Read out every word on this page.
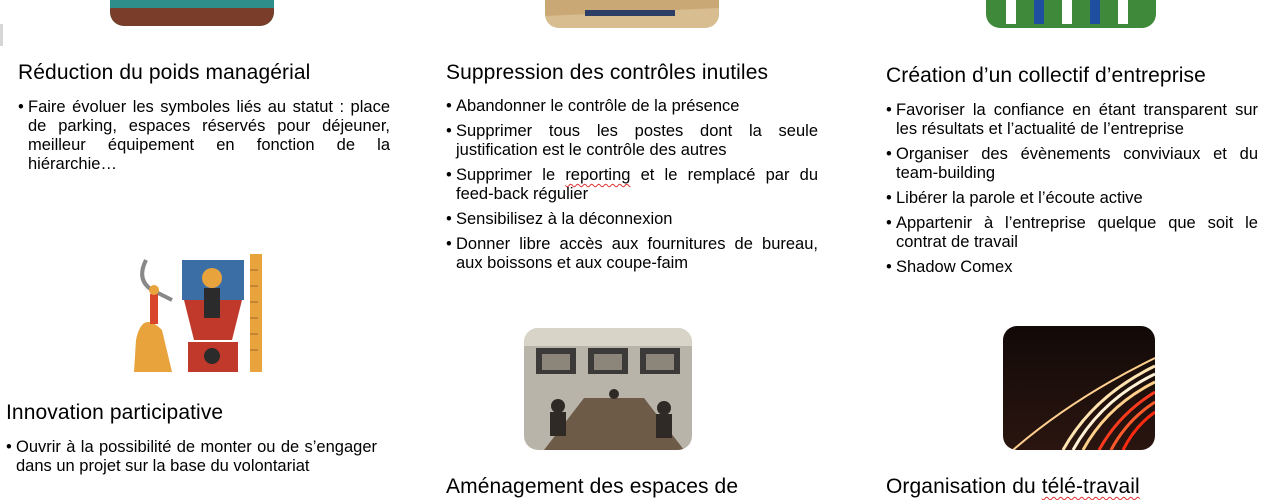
Réduction du poids managérial
• Faire évoluer les symboles liés au statut : place de parking, espaces réservés pour déjeuner, meilleur équipement en fonction de la hiérarchie…
Suppression des contrôles inutiles
• Abandonner le contrôle de la présence
• Supprimer tous les postes dont la seule justification est le contrôle des autres
• Supprimer le reporting et le remplacé par du feed-back régulier
• Sensibilisez à la déconnexion
• Donner libre accès aux fournitures de bureau, aux boissons et aux coupe-faim
Création d’un collectif d’entreprise
• Favoriser la confiance en étant transparent sur les résultats et l’actualité de l’entreprise
• Organiser des évènements conviviaux et du team-building
• Libérer la parole et l’écoute active
• Appartenir à l’entreprise quelque que soit le contrat de travail
• Shadow Comex
Innovation participative
• Ouvrir à la possibilité de monter ou de s’engager dans un projet sur la base du volontariat
Aménagement des espaces de	Organisation du télé-travail
